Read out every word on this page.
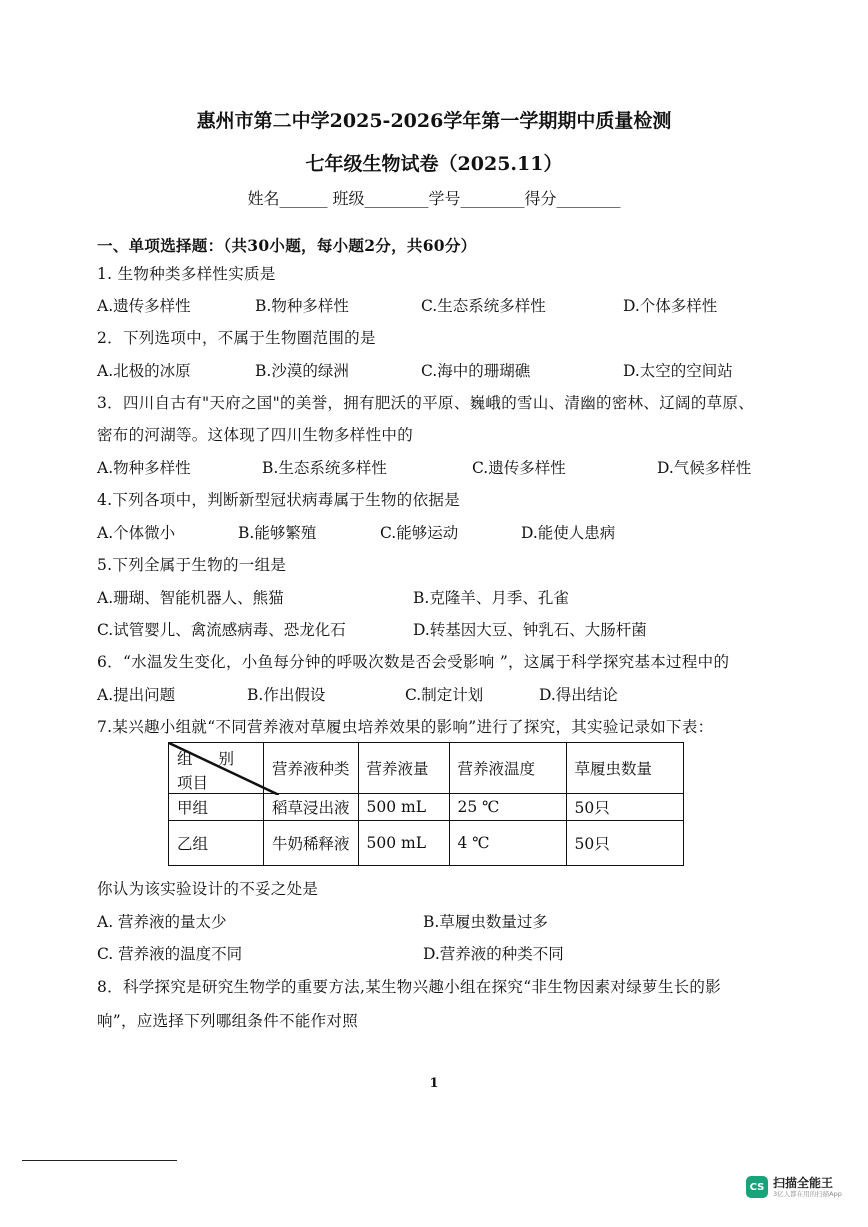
惠州市第二中学2025-2026学年第一学期期中质量检测
七年级生物试卷（2025.11）
姓名______ 班级________学号________得分________
一、单项选择题：（共30小题，每小题2分，共60分）
1. 生物种类多样性实质是
A.遗传多样性	B.物种多样性	C.生态系统多样性	D.个体多样性
2．下列选项中，不属于生物圈范围的是
A.北极的冰原	B.沙漠的绿洲	C.海中的珊瑚礁	D.太空的空间站
3．四川自古有"天府之国"的美誉，拥有肥沃的平原、巍峨的雪山、清幽的密林、辽阔的草原、
密布的河湖等。这体现了四川生物多样性中的
A.物种多样性	B.生态系统多样性	C.遗传多样性	D.气候多样性
4.下列各项中，判断新型冠状病毒属于生物的依据是
A.个体微小	B.能够繁殖	C.能够运动	D.能使人患病
5.下列全属于生物的一组是
A.珊瑚、智能机器人、熊猫	B.克隆羊、月季、孔雀
C.试管婴儿、禽流感病毒、恐龙化石	D.转基因大豆、钟乳石、大肠杆菌
6．“水温发生变化，小鱼每分钟的呼吸次数是否会受影响 ”，这属于科学探究基本过程中的
A.提出问题	B.作出假设	C.制定计划	D.得出结论
7.某兴趣小组就“不同营养液对草履虫培养效果的影响”进行了探究，其实验记录如下表：
组别
项目	营养液种类	营养液量	营养液温度	草履虫数量
甲组	稻草浸出液	500 mL	25 ℃	50只
乙组	牛奶稀释液	500 mL	4 ℃	50只
你认为该实验设计的不妥之处是
A. 营养液的量太少	B.草履虫数量过多
C. 营养液的温度不同	D.营养液的种类不同
8．科学探究是研究生物学的重要方法,某生物兴趣小组在探究“非生物因素对绿萝生长的影
响”，应选择下列哪组条件不能作对照
1
CS 扫描全能王
3亿人都在用的扫描App
